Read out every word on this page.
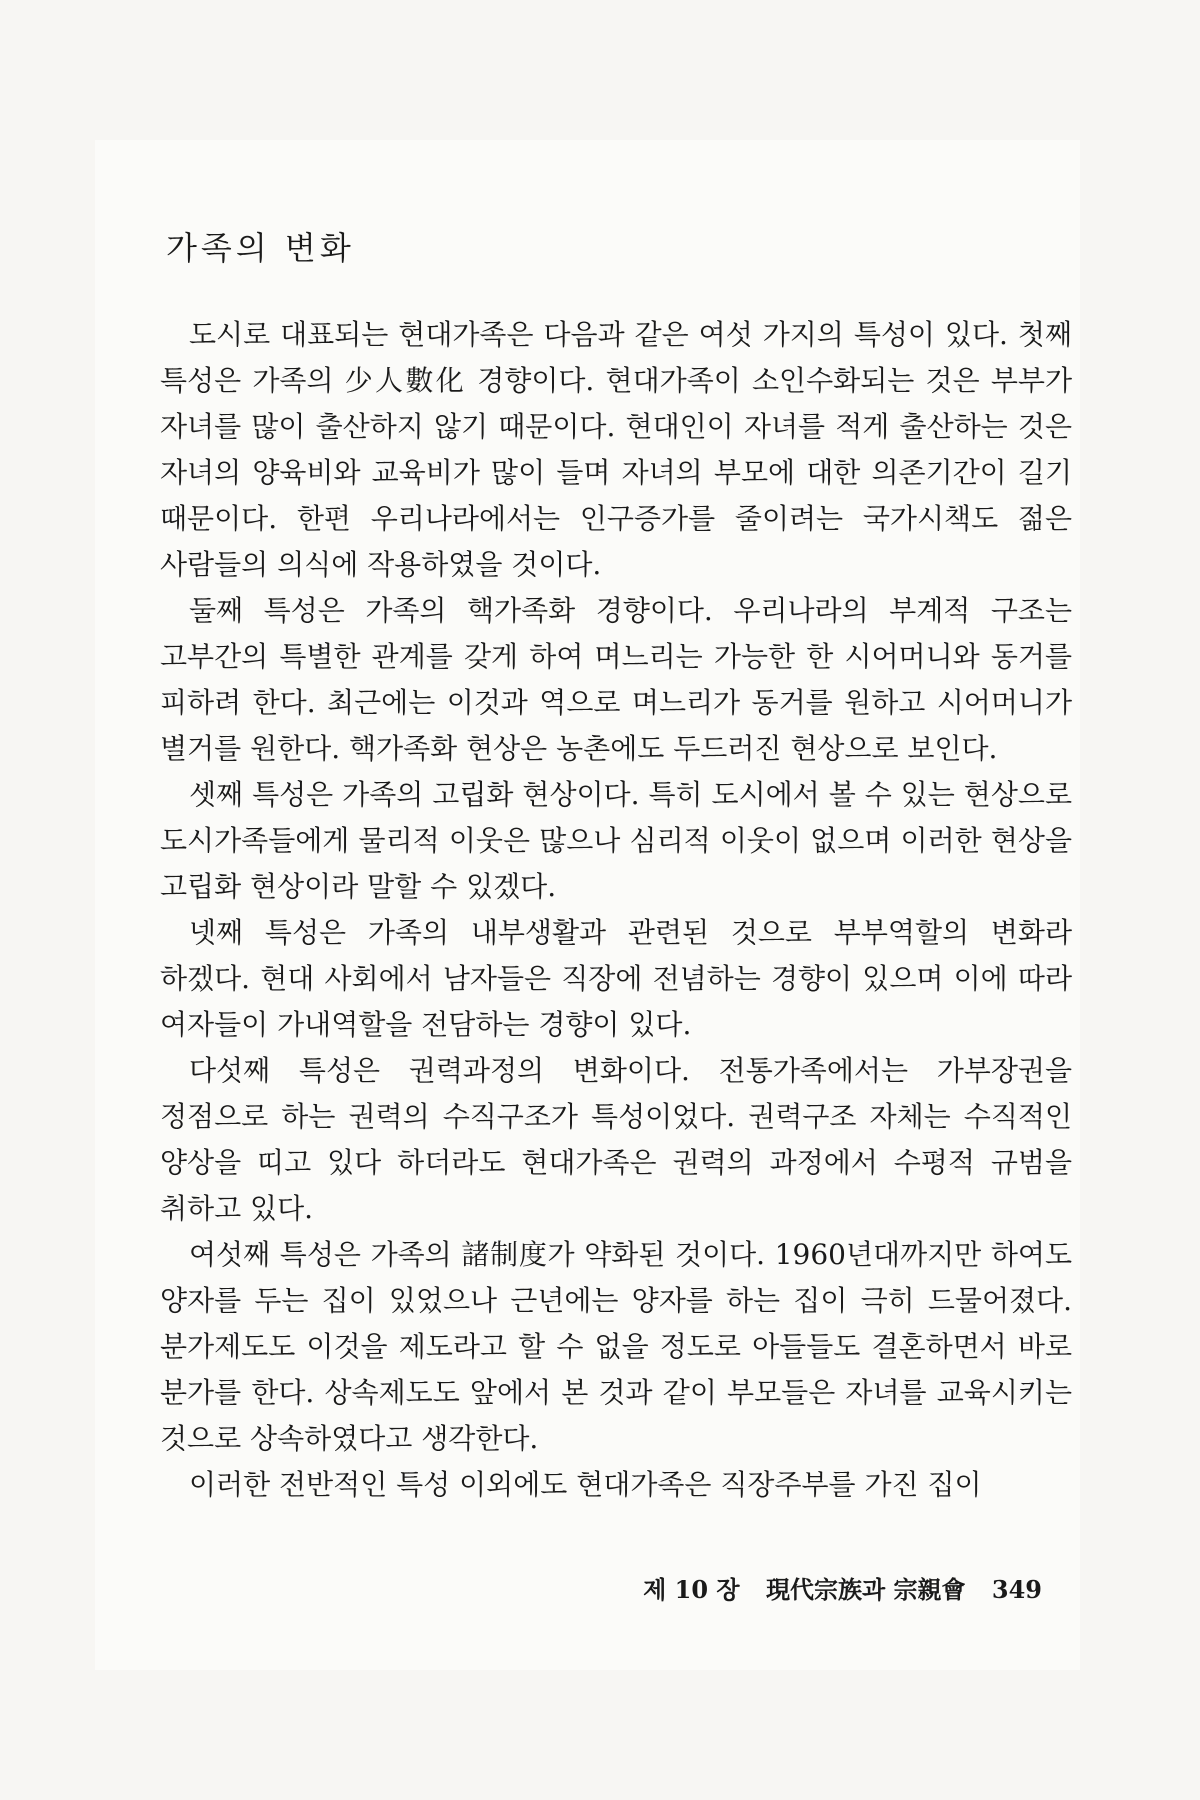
가족의 변화

도시로 대표되는 현대가족은 다음과 같은 여섯 가지의 특성이 있다. 첫째 특성은 가족의 少人數化 경향이다. 현대가족이 소인수화되는 것은 부부가 자녀를 많이 출산하지 않기 때문이다. 현대인이 자녀를 적게 출산하는 것은 자녀의 양육비와 교육비가 많이 들며 자녀의 부모에 대한 의존기간이 길기 때문이다. 한편 우리나라에서는 인구증가를 줄이려는 국가시책도 젊은 사람들의 의식에 작용하였을 것이다.

둘째 특성은 가족의 핵가족화 경향이다. 우리나라의 부계적 구조는 고부간의 특별한 관계를 갖게 하여 며느리는 가능한 한 시어머니와 동거를 피하려 한다. 최근에는 이것과 역으로 며느리가 동거를 원하고 시어머니가 별거를 원한다. 핵가족화 현상은 농촌에도 두드러진 현상으로 보인다.

셋째 특성은 가족의 고립화 현상이다. 특히 도시에서 볼 수 있는 현상으로 도시가족들에게 물리적 이웃은 많으나 심리적 이웃이 없으며 이러한 현상을 고립화 현상이라 말할 수 있겠다.

넷째 특성은 가족의 내부생활과 관련된 것으로 부부역할의 변화라 하겠다. 현대 사회에서 남자들은 직장에 전념하는 경향이 있으며 이에 따라 여자들이 가내역할을 전담하는 경향이 있다.

다섯째 특성은 권력과정의 변화이다. 전통가족에서는 가부장권을 정점으로 하는 권력의 수직구조가 특성이었다. 권력구조 자체는 수직적인 양상을 띠고 있다 하더라도 현대가족은 권력의 과정에서 수평적 규범을 취하고 있다.

여섯째 특성은 가족의 諸制度가 약화된 것이다. 1960년대까지만 하여도 양자를 두는 집이 있었으나 근년에는 양자를 하는 집이 극히 드물어졌다. 분가제도도 이것을 제도라고 할 수 없을 정도로 아들들도 결혼하면서 바로 분가를 한다. 상속제도도 앞에서 본 것과 같이 부모들은 자녀를 교육시키는 것으로 상속하였다고 생각한다.

이러한 전반적인 특성 이외에도 현대가족은 직장주부를 가진 집이

제 10 장 現代宗族과 宗親會 349
